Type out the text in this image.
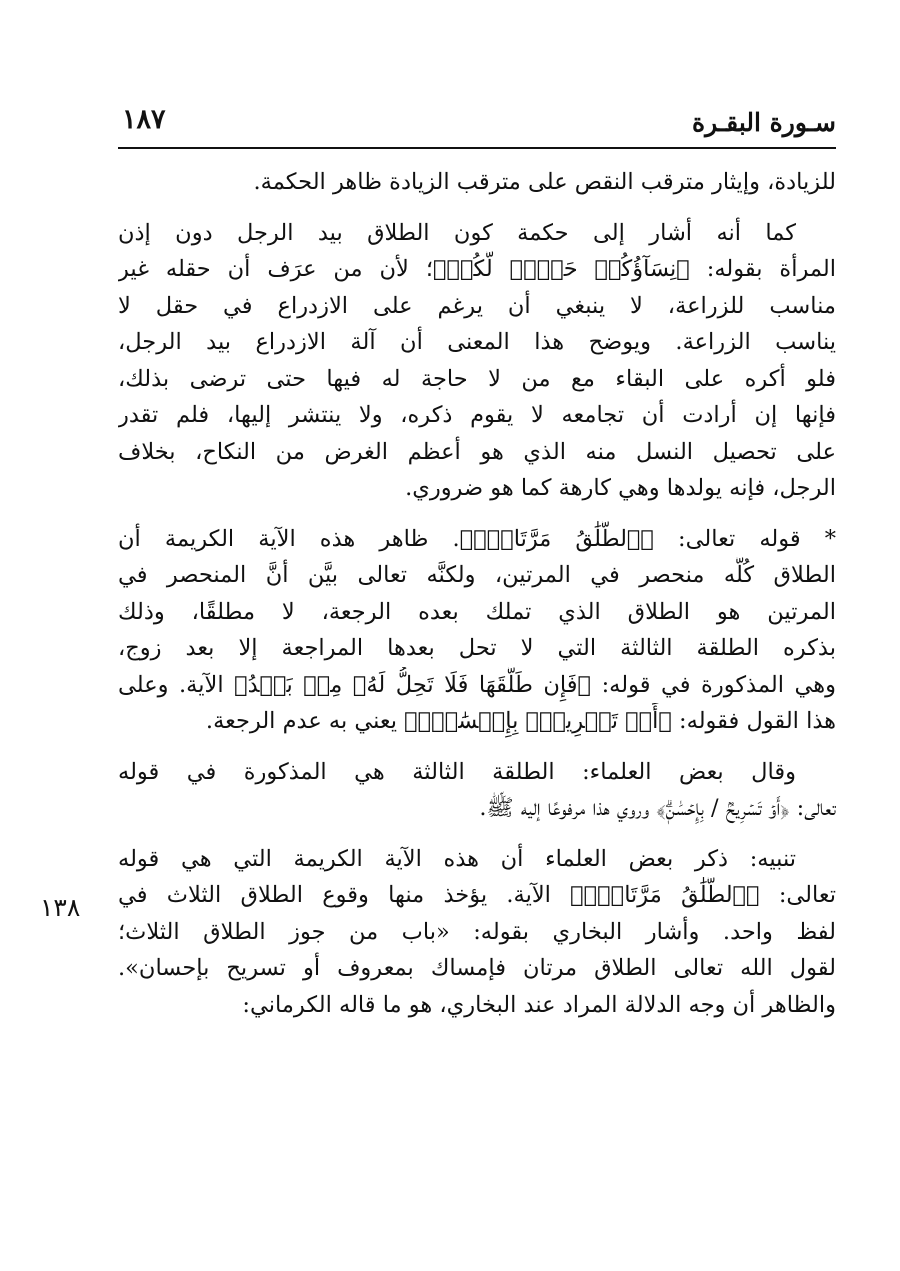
سـورة البقـرة
١٨٧
١٣٨
للزيادة، وإيثار مترقب النقص على مترقب الزيادة ظاهر الحكمة.
كما أنه أشار إلى حكمة كون الطلاق بيد الرجل دون إذن
المرأة بقوله: ﴿نِسَآؤُكُمۡ حَرۡثٞ لَّكُمۡ﴾؛ لأن من عرَف أن حقله غير
مناسب للزراعة، لا ينبغي أن يرغم على الازدراع في حقل لا
يناسب الزراعة. ويوضح هذا المعنى أن آلة الازدراع بيد الرجل،
فلو أكره على البقاء مع من لا حاجة له فيها حتى ترضى بذلك،
فإنها إن أرادت أن تجامعه لا يقوم ذكره، ولا ينتشر إليها، فلم تقدر
على تحصيل النسل منه الذي هو أعظم الغرض من النكاح، بخلاف
الرجل، فإنه يولدها وهي كارهة كما هو ضروري.
* قوله تعالى: ﴿ٱلطَّلَٰقُ مَرَّتَانِۖ﴾. ظاهر هذه الآية الكريمة أن
الطلاق كُلُّه منحصر في المرتين، ولكنَّه تعالى بيَّن أنَّ المنحصر في
المرتين هو الطلاق الذي تملك بعده الرجعة، لا مطلقًا، وذلك
بذكره الطلقة الثالثة التي لا تحل بعدها المراجعة إلا بعد زوج،
وهي المذكورة في قوله: ﴿فَإِن طَلَّقَهَا فَلَا تَحِلُّ لَهُۥ مِنۢ بَعۡدُ﴾ الآية. وعلى
هذا القول فقوله: ﴿أَوۡ تَسۡرِيحُۢ بِإِحۡسَٰنٖۗ﴾ يعني به عدم الرجعة.
وقال بعض العلماء: الطلقة الثالثة هي المذكورة في قوله
تعالى: ﴿أَوۡ تَسۡرِيحُۢ / بِإِحۡسَٰنٖۗ﴾ وروي هذا مرفوعًا إليه ﷺ.
تنبيه: ذكر بعض العلماء أن هذه الآية الكريمة التي هي قوله
تعالى: ﴿ٱلطَّلَٰقُ مَرَّتَانِۖ﴾ الآية. يؤخذ منها وقوع الطلاق الثلاث في
لفظ واحد. وأشار البخاري بقوله: «باب من جوز الطلاق الثلاث؛
لقول الله تعالى الطلاق مرتان فإمساك بمعروف أو تسريح بإحسان».
والظاهر أن وجه الدلالة المراد عند البخاري، هو ما قاله الكرماني:
